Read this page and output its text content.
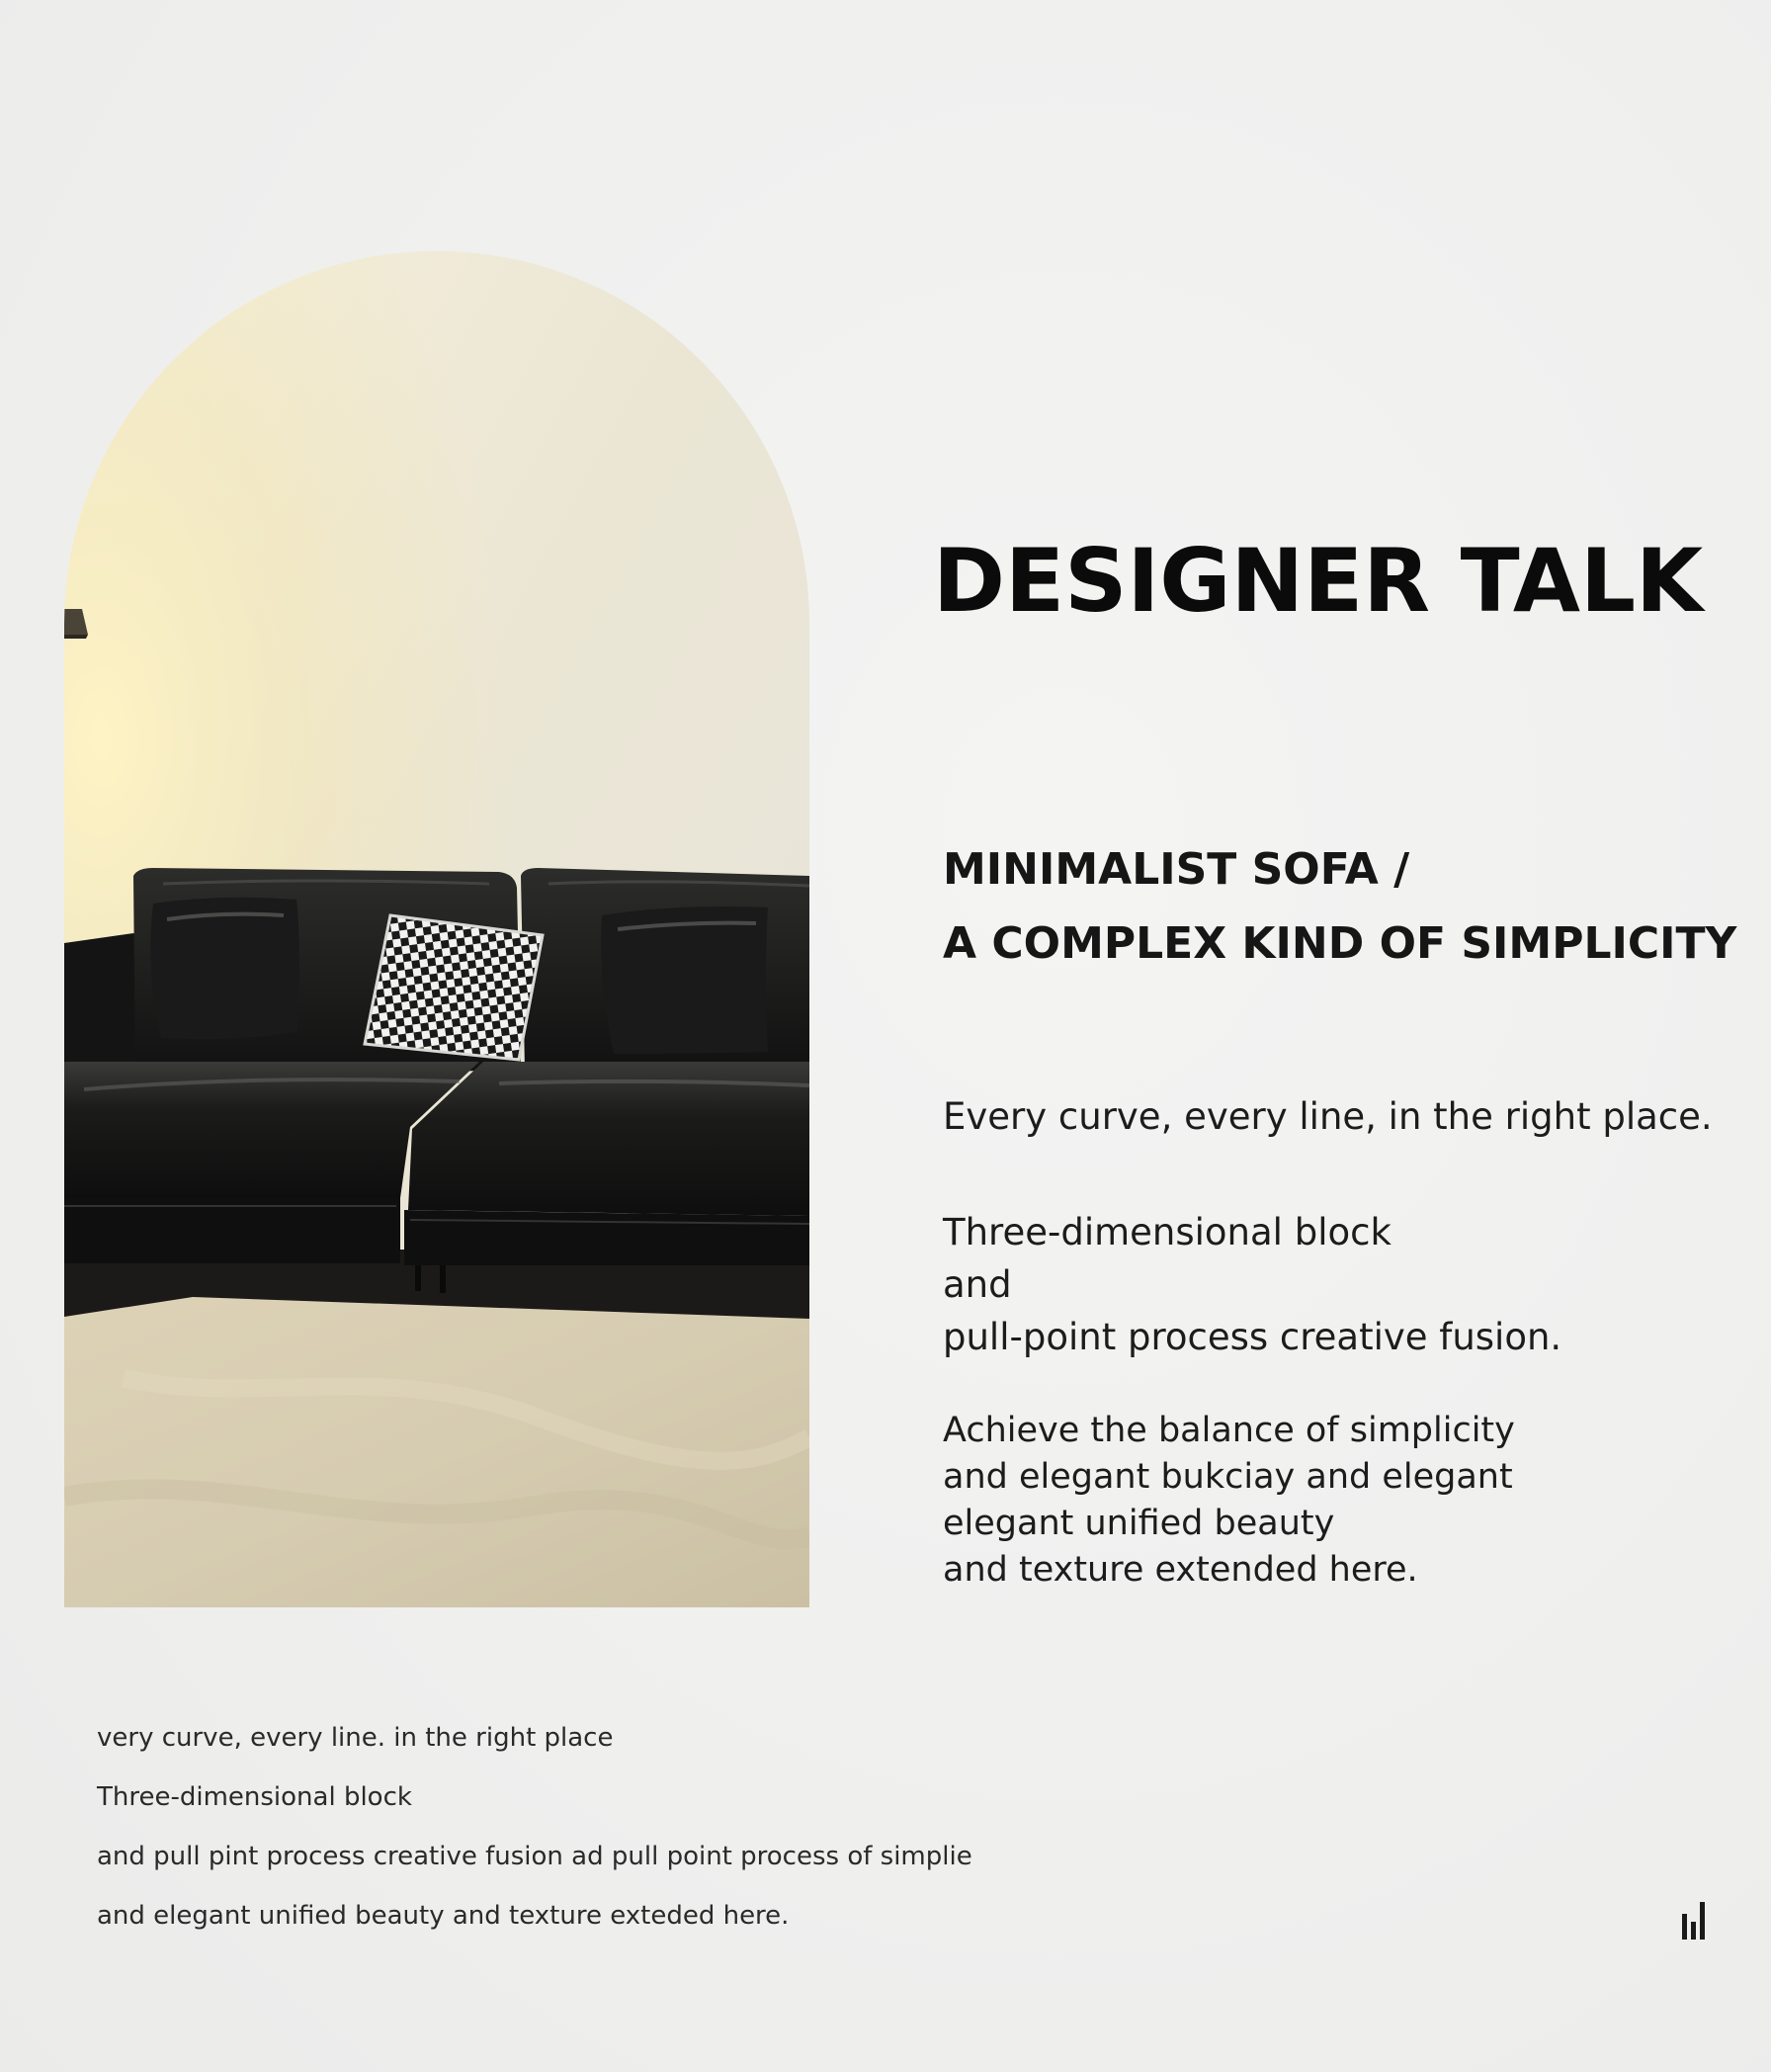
DESIGNER TALK
MINIMALIST SOFA /
A COMPLEX KIND OF SIMPLICITY
Every curve, every line, in the right place.
Three-dimensional block
and
pull-point process creative fusion.
Achieve the balance of simplicity
and elegant bukciay and elegant
elegant unified beauty
and texture extended here.
very curve, every line. in the right place
Three-dimensional block
and pull pint process creative fusion ad pull point process of simplie
and elegant unified beauty and texture exteded here.
